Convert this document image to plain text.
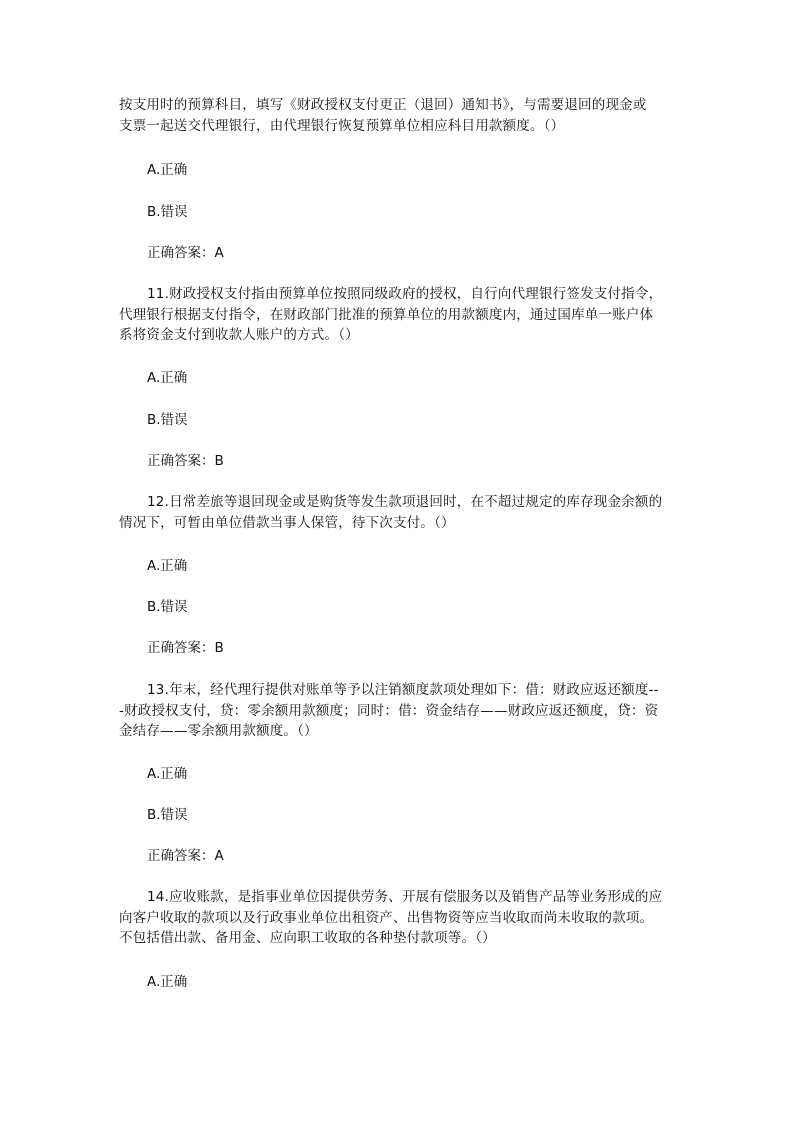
按支用时的预算科目，填写《财政授权支付更正（退回）通知书》，与需要退回的现金或
支票一起送交代理银行，由代理银行恢复预算单位相应科目用款额度。（）

A.正确

B.错误

正确答案：A

11.财政授权支付指由预算单位按照同级政府的授权，自行向代理银行签发支付指令，
代理银行根据支付指令，在财政部门批准的预算单位的用款额度内，通过国库单一账户体
系将资金支付到收款人账户的方式。（）

A.正确

B.错误

正确答案：B

12.日常差旅等退回现金或是购货等发生款项退回时，在不超过规定的库存现金余额的
情况下，可暂由单位借款当事人保管，待下次支付。（）

A.正确

B.错误

正确答案：B

13.年末，经代理行提供对账单等予以注销额度款项处理如下：借：财政应返还额度--
-财政授权支付，贷：零余额用款额度；同时：借：资金结存——财政应返还额度，贷：资
金结存——零余额用款额度。（）

A.正确

B.错误

正确答案：A

14.应收账款，是指事业单位因提供劳务、开展有偿服务以及销售产品等业务形成的应
向客户收取的款项以及行政事业单位出租资产、出售物资等应当收取而尚未收取的款项。
不包括借出款、备用金、应向职工收取的各种垫付款项等。（）

A.正确
